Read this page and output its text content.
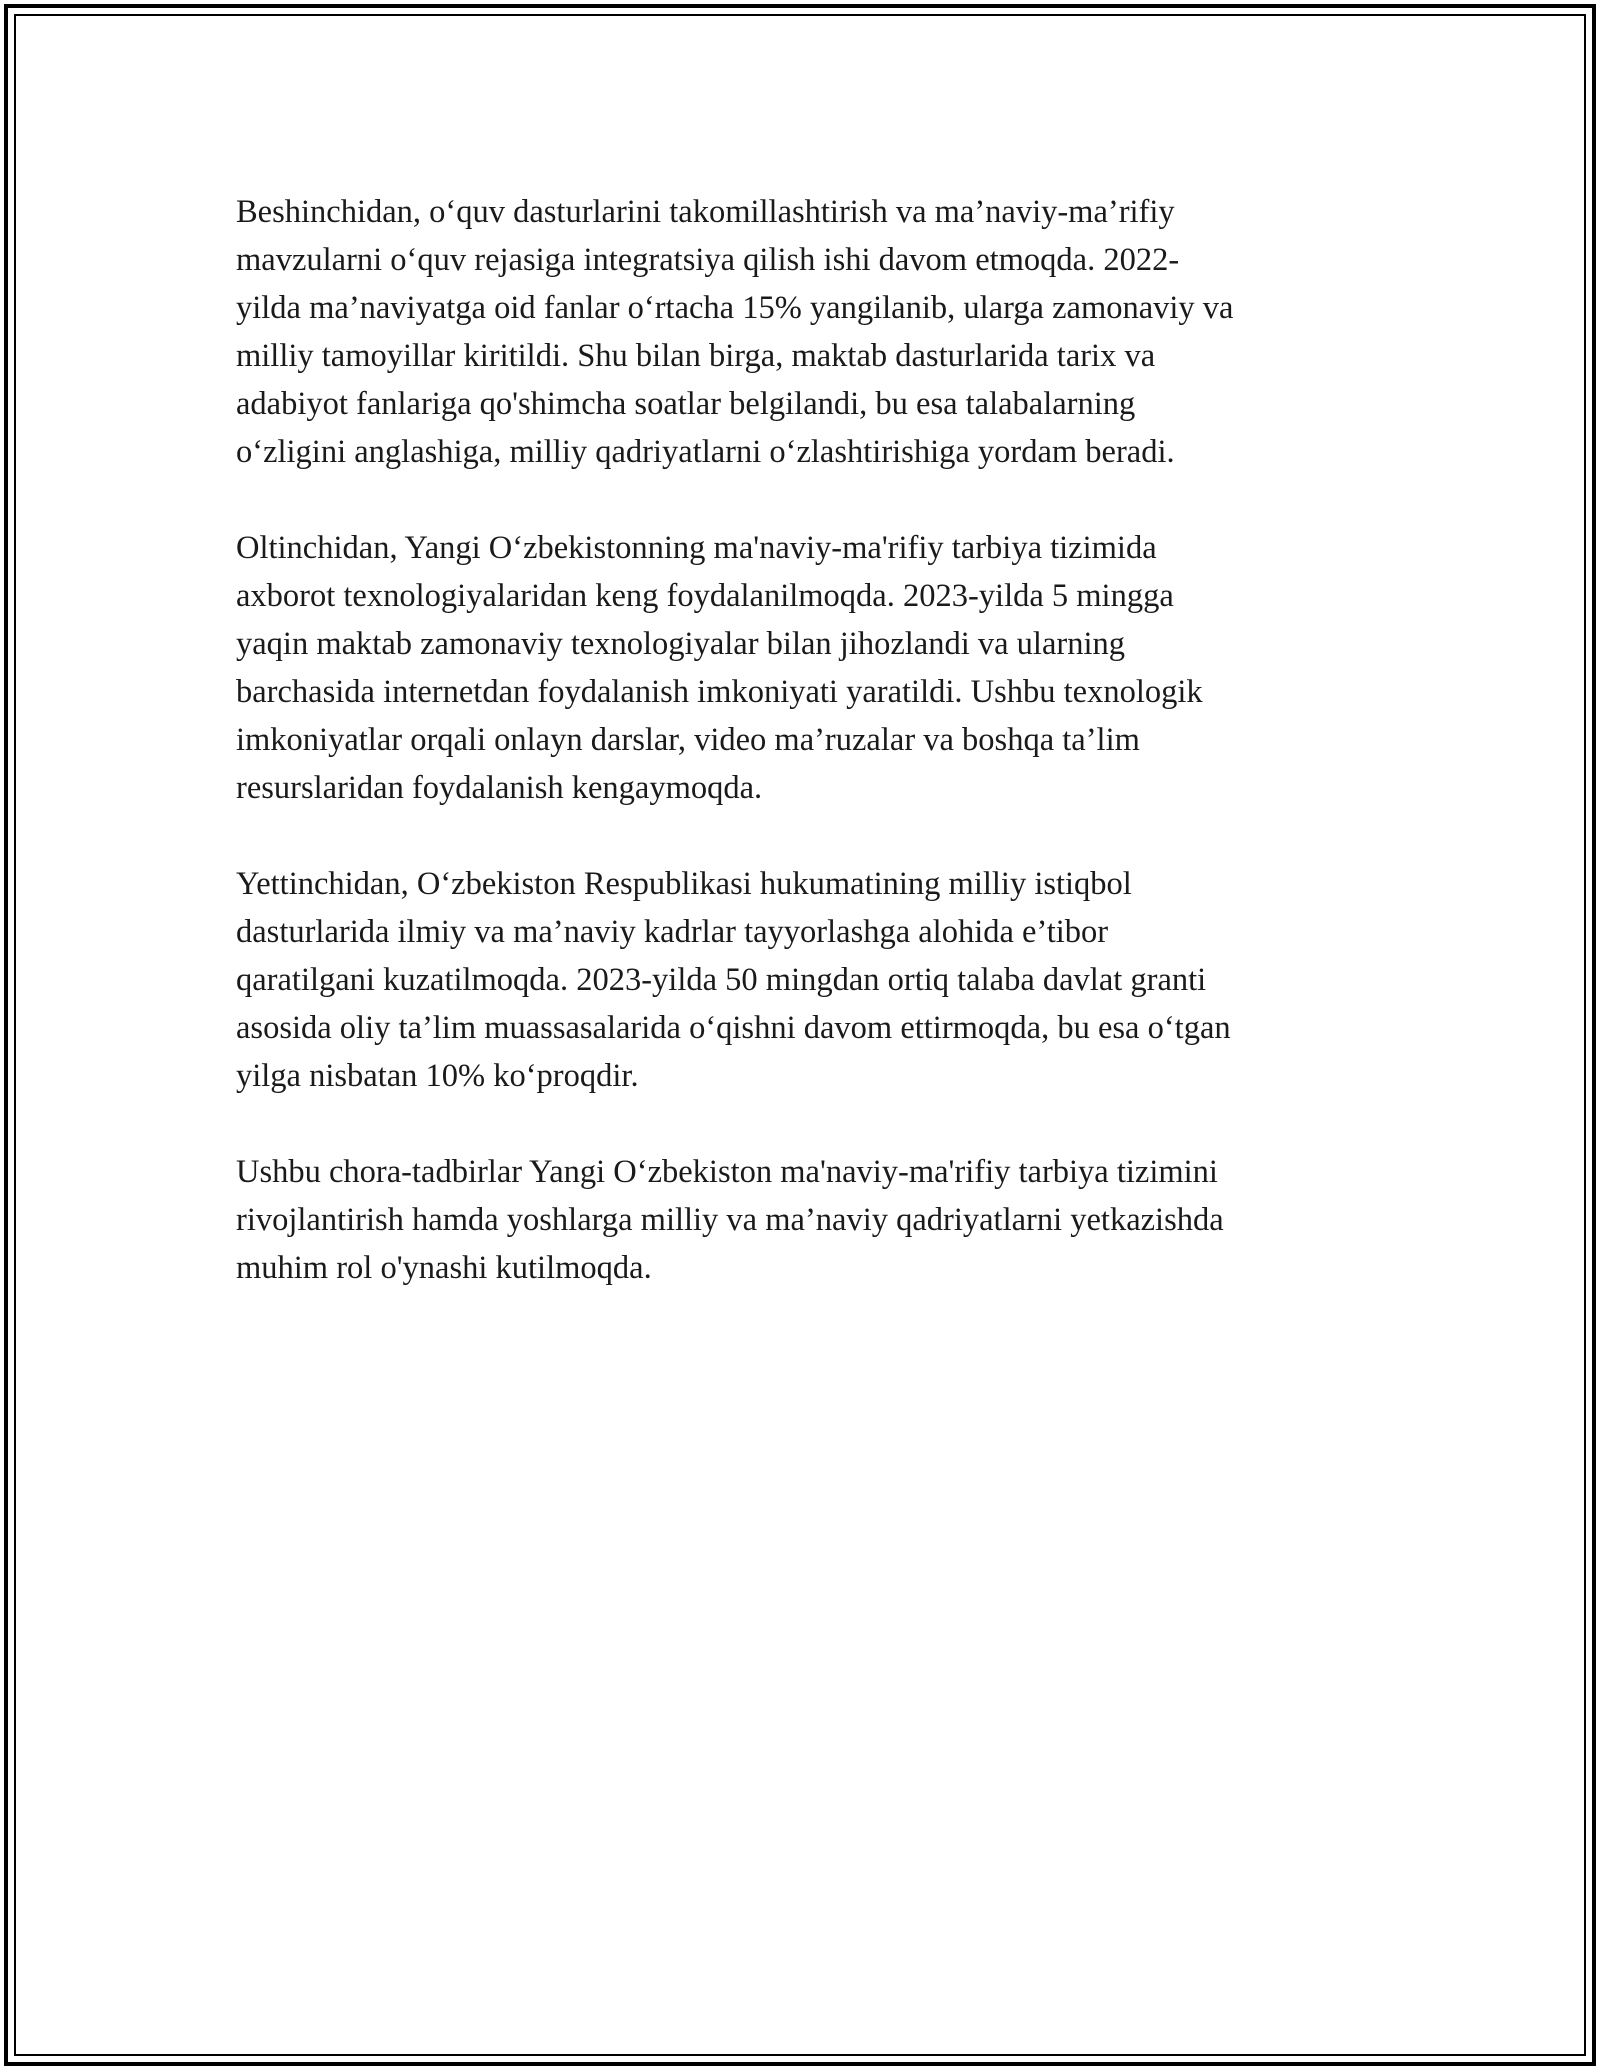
Beshinchidan, o‘quv dasturlarini takomillashtirish va ma’naviy-ma’rifiy
mavzularni o‘quv rejasiga integratsiya qilish ishi davom etmoqda. 2022-
yilda ma’naviyatga oid fanlar o‘rtacha 15% yangilanib, ularga zamonaviy va
milliy tamoyillar kiritildi. Shu bilan birga, maktab dasturlarida tarix va
adabiyot fanlariga qo'shimcha soatlar belgilandi, bu esa talabalarning
o‘zligini anglashiga, milliy qadriyatlarni o‘zlashtirishiga yordam beradi.

Oltinchidan, Yangi O‘zbekistonning ma'naviy-ma'rifiy tarbiya tizimida
axborot texnologiyalaridan keng foydalanilmoqda. 2023-yilda 5 mingga
yaqin maktab zamonaviy texnologiyalar bilan jihozlandi va ularning
barchasida internetdan foydalanish imkoniyati yaratildi. Ushbu texnologik
imkoniyatlar orqali onlayn darslar, video ma’ruzalar va boshqa ta’lim
resurslaridan foydalanish kengaymoqda.

Yettinchidan, O‘zbekiston Respublikasi hukumatining milliy istiqbol
dasturlarida ilmiy va ma’naviy kadrlar tayyorlashga alohida e’tibor
qaratilgani kuzatilmoqda. 2023-yilda 50 mingdan ortiq talaba davlat granti
asosida oliy ta’lim muassasalarida o‘qishni davom ettirmoqda, bu esa o‘tgan
yilga nisbatan 10% ko‘proqdir.

Ushbu chora-tadbirlar Yangi O‘zbekiston ma'naviy-ma'rifiy tarbiya tizimini
rivojlantirish hamda yoshlarga milliy va ma’naviy qadriyatlarni yetkazishda
muhim rol o'ynashi kutilmoqda.
